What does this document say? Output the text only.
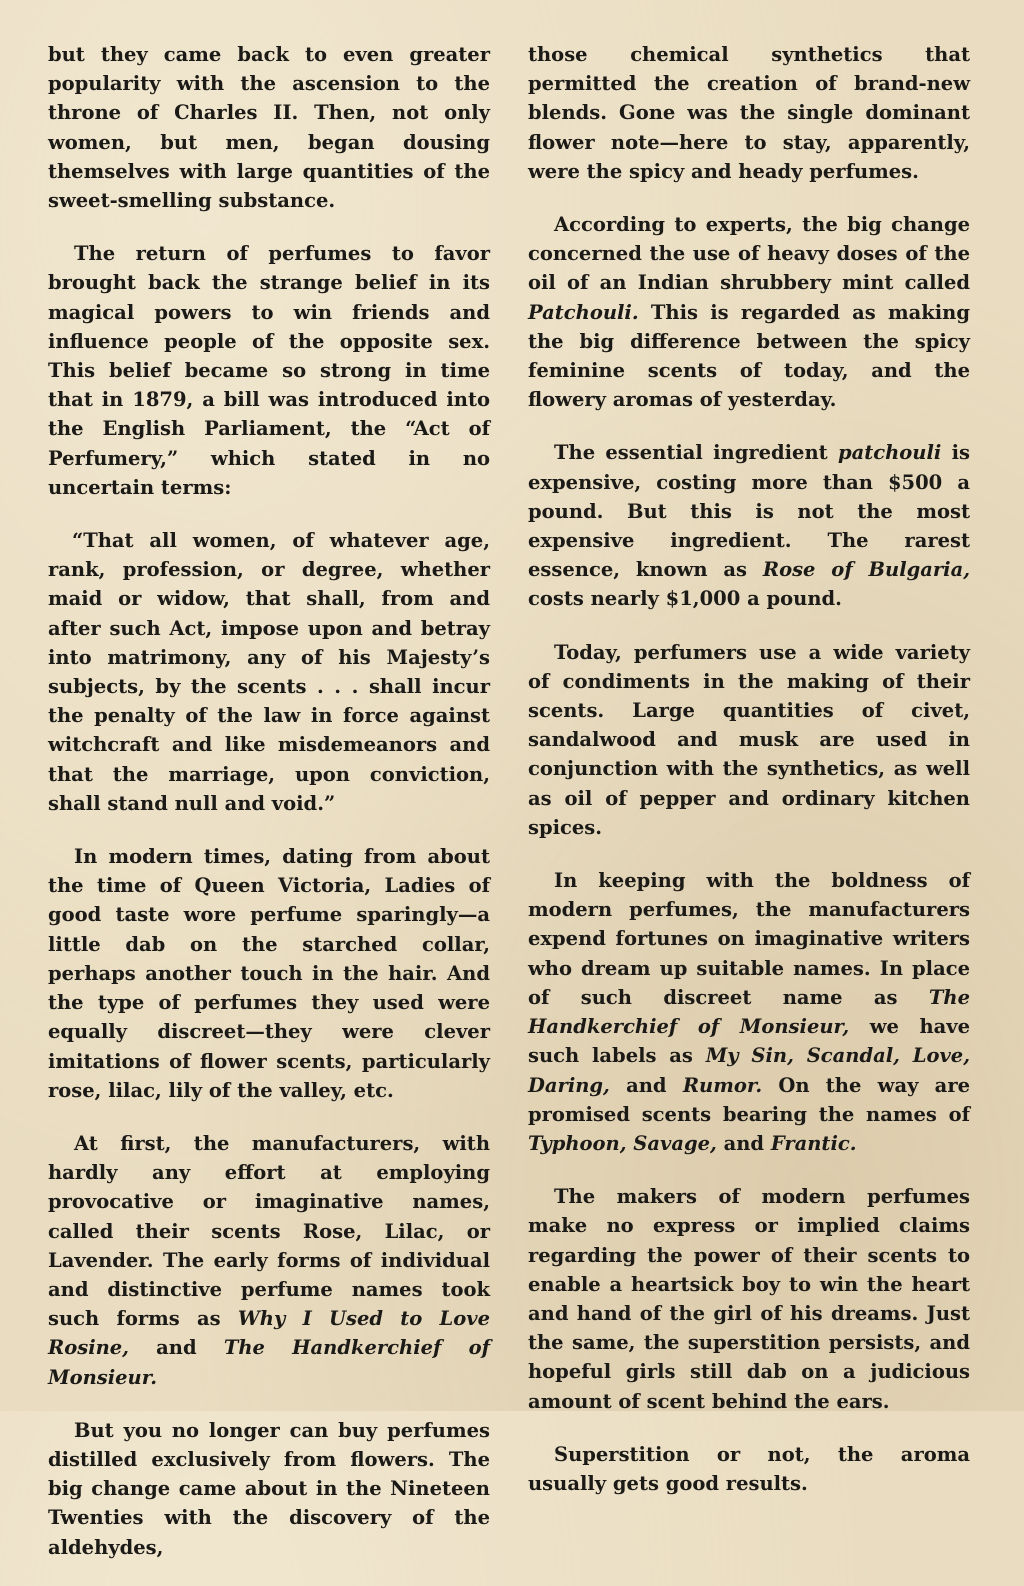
but they came back to even greater popularity with the ascension to the throne of Charles II. Then, not only women, but men, began dousing themselves with large quantities of the sweet-smelling substance.

The return of perfumes to favor brought back the strange belief in its magical powers to win friends and influence people of the opposite sex. This belief became so strong in time that in 1879, a bill was introduced into the English Parliament, the “Act of Perfumery,” which stated in no uncertain terms:

“That all women, of whatever age, rank, profession, or degree, whether maid or widow, that shall, from and after such Act, impose upon and betray into matrimony, any of his Majesty’s subjects, by the scents . . . shall incur the penalty of the law in force against witchcraft and like misdemeanors and that the marriage, upon conviction, shall stand null and void.”

In modern times, dating from about the time of Queen Victoria, Ladies of good taste wore perfume sparingly—a little dab on the starched collar, perhaps another touch in the hair. And the type of perfumes they used were equally discreet—they were clever imitations of flower scents, particularly rose, lilac, lily of the valley, etc.

At first, the manufacturers, with hardly any effort at employing provocative or imaginative names, called their scents Rose, Lilac, or Lavender. The early forms of individual and distinctive perfume names took such forms as Why I Used to Love Rosine, and The Handkerchief of Monsieur.

But you no longer can buy perfumes distilled exclusively from flowers. The big change came about in the Nineteen Twenties with the discovery of the aldehydes,

those chemical synthetics that permitted the creation of brand-new blends. Gone was the single dominant flower note—here to stay, apparently, were the spicy and heady perfumes.

According to experts, the big change concerned the use of heavy doses of the oil of an Indian shrubbery mint called Patchouli. This is regarded as making the big difference between the spicy feminine scents of today, and the flowery aromas of yesterday.

The essential ingredient patchouli is expensive, costing more than $500 a pound. But this is not the most expensive ingredient. The rarest essence, known as Rose of Bulgaria, costs nearly $1,000 a pound.

Today, perfumers use a wide variety of condiments in the making of their scents. Large quantities of civet, sandalwood and musk are used in conjunction with the synthetics, as well as oil of pepper and ordinary kitchen spices.

In keeping with the boldness of modern perfumes, the manufacturers expend fortunes on imaginative writers who dream up suitable names. In place of such discreet name as The Handkerchief of Monsieur, we have such labels as My Sin, Scandal, Love, Daring, and Rumor. On the way are promised scents bearing the names of Typhoon, Savage, and Frantic.

The makers of modern perfumes make no express or implied claims regarding the power of their scents to enable a heartsick boy to win the heart and hand of the girl of his dreams. Just the same, the superstition persists, and hopeful girls still dab on a judicious amount of scent behind the ears.

Superstition or not, the aroma usually gets good results.
